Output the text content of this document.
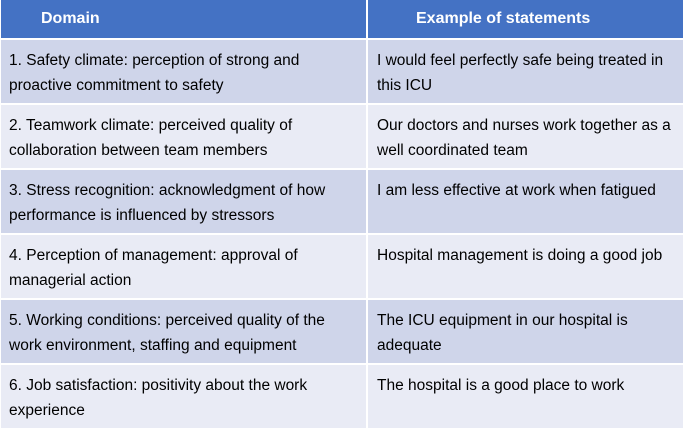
Domain	Example of statements
1. Safety climate: perception of strong and proactive commitment to safety	I would feel perfectly safe being treated in this ICU
2. Teamwork climate: perceived quality of collaboration between team members	Our doctors and nurses work together as a well coordinated team
3. Stress recognition: acknowledgment of how performance is influenced by stressors	I am less effective at work when fatigued
4. Perception of management: approval of managerial action	Hospital management is doing a good job
5. Working conditions: perceived quality of the work environment, staffing and equipment	The ICU equipment in our hospital is adequate
6. Job satisfaction: positivity about the work experience	The hospital is a good place to work
